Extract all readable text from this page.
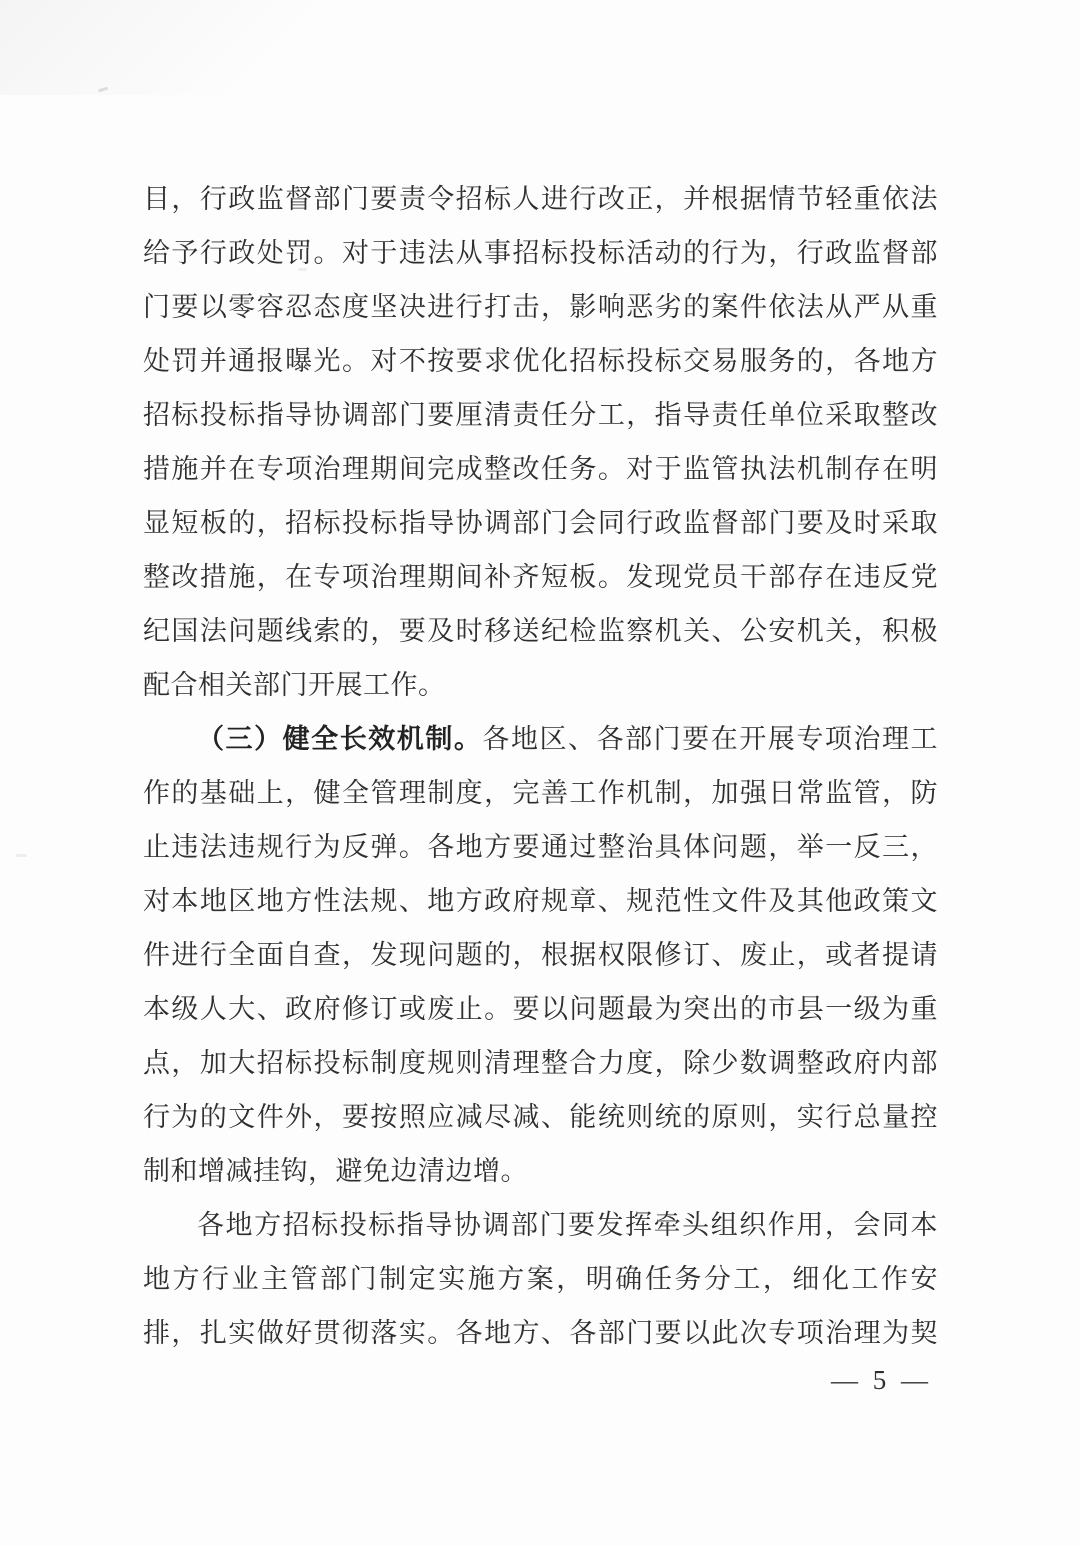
目，行政监督部门要责令招标人进行改正，并根据情节轻重依法
给予行政处罚。对于违法从事招标投标活动的行为，行政监督部
门要以零容忍态度坚决进行打击，影响恶劣的案件依法从严从重
处罚并通报曝光。对不按要求优化招标投标交易服务的，各地方
招标投标指导协调部门要厘清责任分工，指导责任单位采取整改
措施并在专项治理期间完成整改任务。对于监管执法机制存在明
显短板的，招标投标指导协调部门会同行政监督部门要及时采取
整改措施，在专项治理期间补齐短板。发现党员干部存在违反党
纪国法问题线索的，要及时移送纪检监察机关、公安机关，积极
配合相关部门开展工作。
（三）健全长效机制。各地区、各部门要在开展专项治理工
作的基础上，健全管理制度，完善工作机制，加强日常监管，防
止违法违规行为反弹。各地方要通过整治具体问题，举一反三，
对本地区地方性法规、地方政府规章、规范性文件及其他政策文
件进行全面自查，发现问题的，根据权限修订、废止，或者提请
本级人大、政府修订或废止。要以问题最为突出的市县一级为重
点，加大招标投标制度规则清理整合力度，除少数调整政府内部
行为的文件外，要按照应减尽减、能统则统的原则，实行总量控
制和增减挂钩，避免边清边增。
各地方招标投标指导协调部门要发挥牵头组织作用，会同本
地方行业主管部门制定实施方案，明确任务分工，细化工作安
排，扎实做好贯彻落实。各地方、各部门要以此次专项治理为契
— 5 —
